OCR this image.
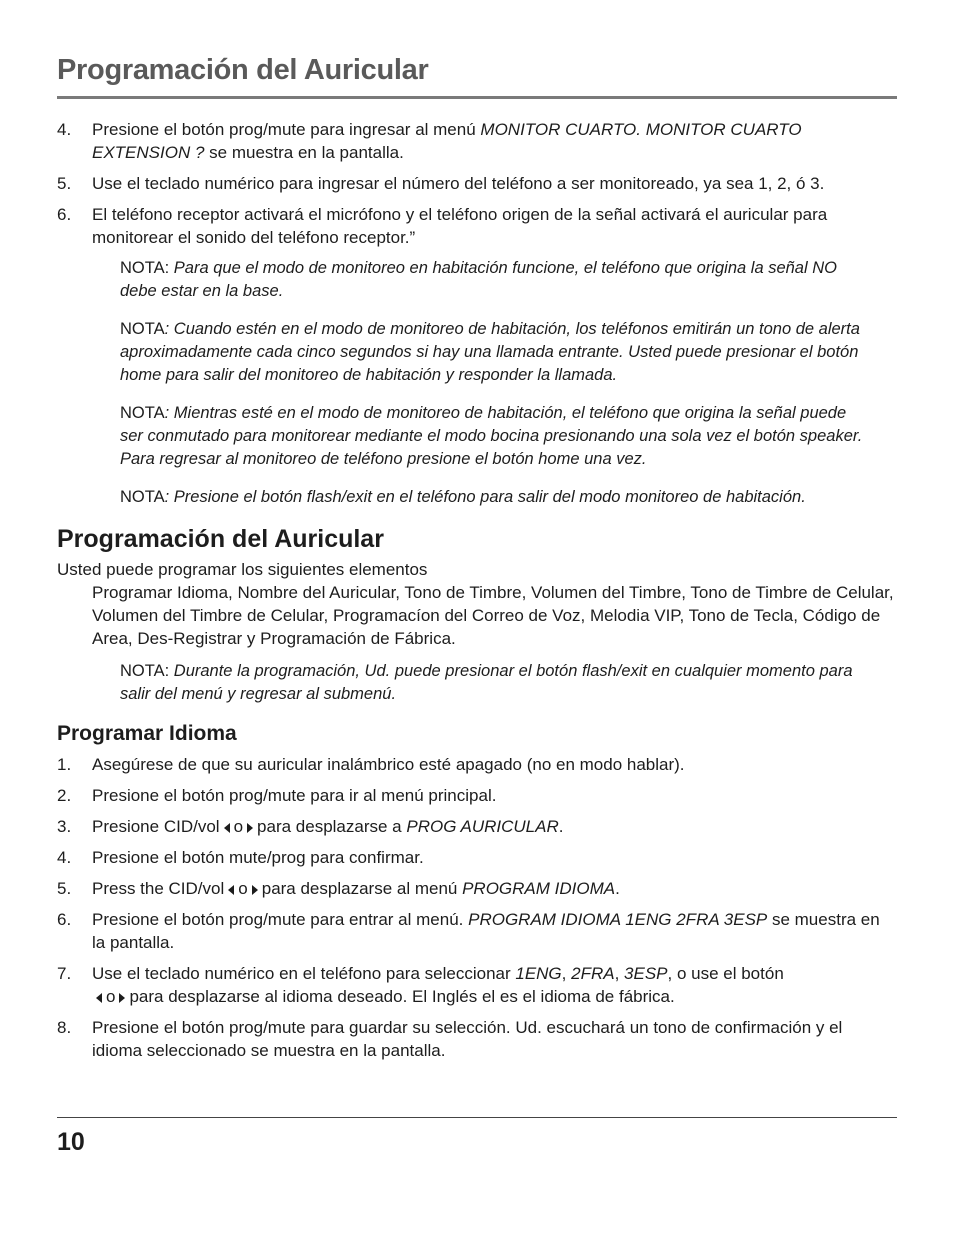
Programación del Auricular
4.	Presione el botón prog/mute para ingresar al menú MONITOR CUARTO. MONITOR CUARTO EXTENSION ? se muestra en la pantalla.
5.	Use el teclado numérico para ingresar el número del teléfono a ser monitoreado, ya sea 1, 2, ó 3.
6.	El teléfono receptor activará el micrófono y el teléfono origen de la señal activará el auricular para monitorear el sonido del teléfono receptor.”
NOTA: Para que el modo de monitoreo en habitación funcione, el teléfono que origina la señal NO debe estar en la base.
NOTA: Cuando estén en el modo de monitoreo de habitación, los teléfonos emitirán un tono de alerta aproximadamente cada cinco segundos si hay una llamada entrante. Usted puede presionar el botón home para salir del monitoreo de habitación y responder la llamada.
NOTA: Mientras esté en el modo de monitoreo de habitación, el teléfono que origina la señal puede ser conmutado para monitorear mediante el modo bocina presionando una sola vez el botón speaker. Para regresar al monitoreo de teléfono presione el botón home una vez.
NOTA: Presione el botón flash/exit en el teléfono para salir del modo monitoreo de habitación.
Programación del Auricular

Usted puede programar los siguientes elementos

Programar Idioma, Nombre del Auricular, Tono de Timbre, Volumen del Timbre, Tono de Timbre de Celular, Volumen del Timbre de Celular, Programacíon del Correo de Voz, Melodia VIP, Tono de Tecla, Código de Area, Des-Registrar y Programación de Fábrica.

NOTA: Durante la programación, Ud. puede presionar el botón flash/exit en cualquier momento para salir del menú y regresar al submenú.
Programar Idioma
1.	Asegúrese de que su auricular inalámbrico esté apagado (no en modo hablar).
2.	Presione el botón prog/mute para ir al menú principal.
3.	Presione CID/vol o para desplazarse a PROG AURICULAR.
4.	Presione el botón mute/prog para confirmar.
5.	Press the CID/vol o para desplazarse al menú PROGRAM IDIOMA.
6.	Presione el botón prog/mute para entrar al menú. PROGRAM IDIOMA 1ENG 2FRA 3ESP se muestra en la pantalla.
7.	Use el teclado numérico en el teléfono para seleccionar 1ENG, 2FRA, 3ESP, o use el botón
o para desplazarse al idioma deseado. El Inglés el es el idioma de fábrica.
8.	Presione el botón prog/mute para guardar su selección. Ud. escuchará un tono de confirmación y el idioma seleccionado se muestra en la pantalla.
10
